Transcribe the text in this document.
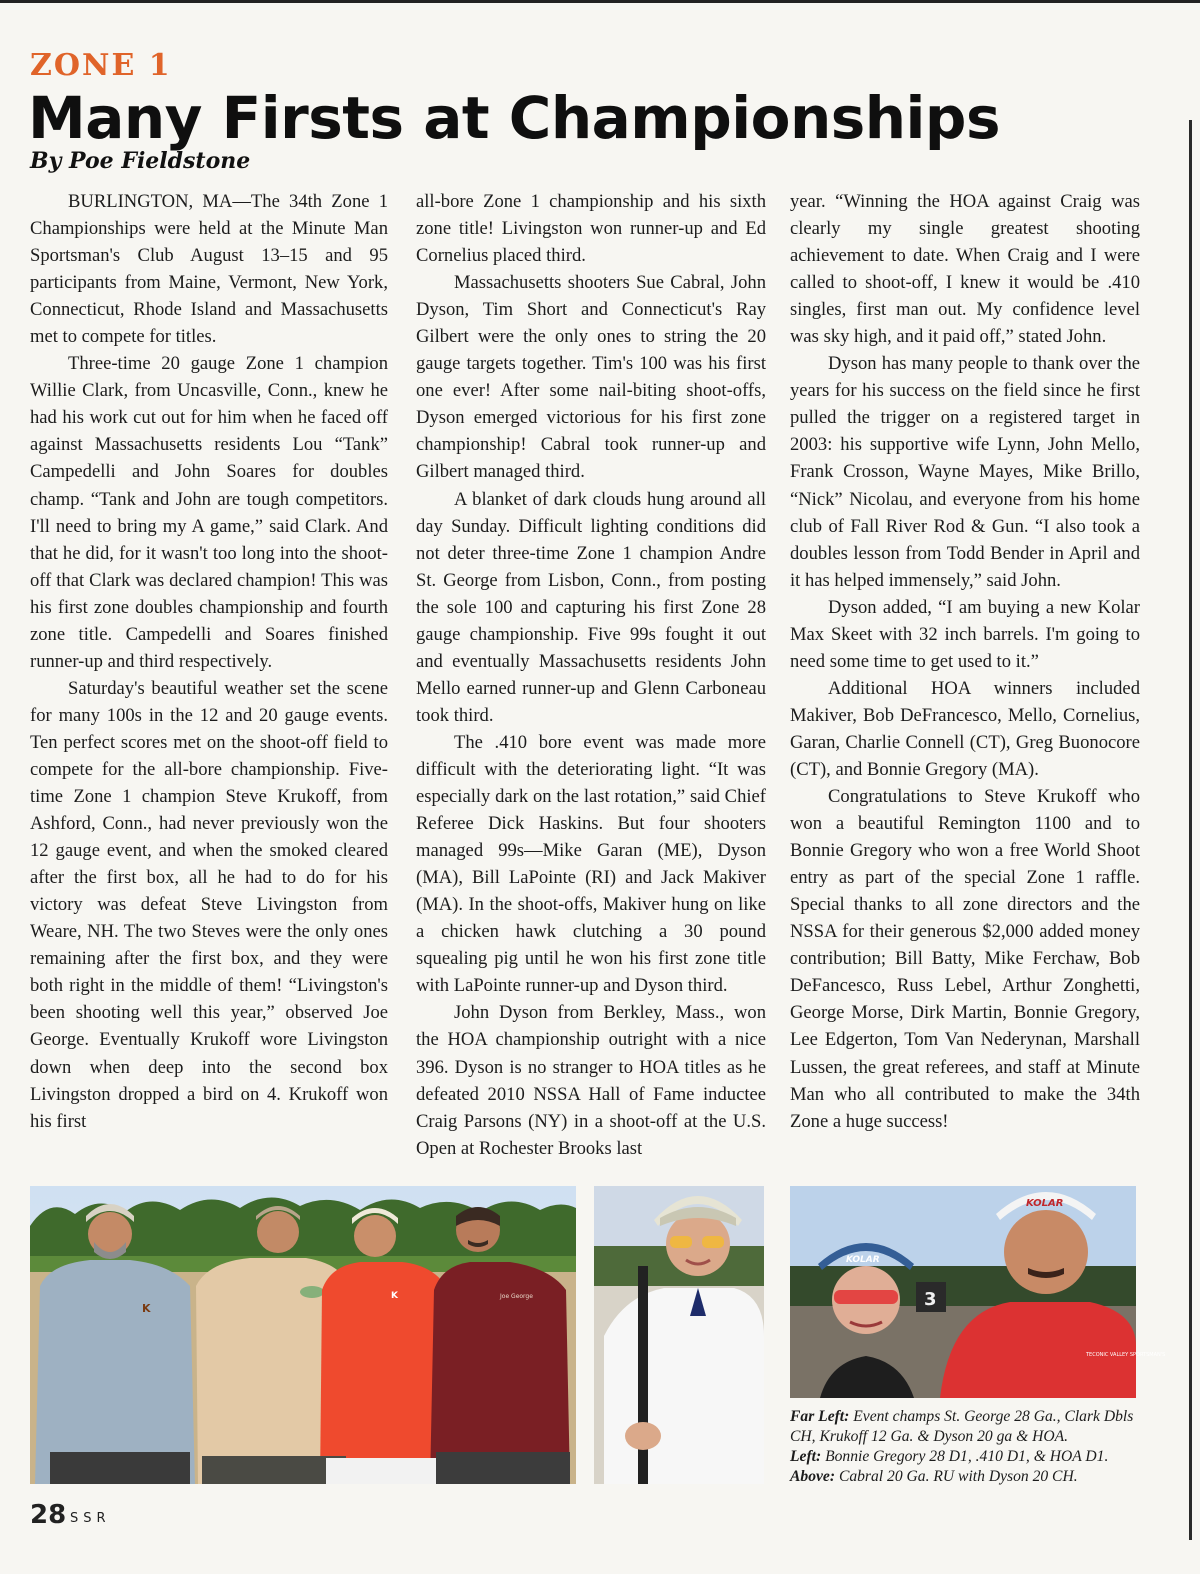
ZONE 1
Many Firsts at Championships
By Poe Fieldstone

BURLINGTON, MA—The 34th Zone 1 Championships were held at the Minute Man Sportsman's Club August 13–15 and 95 participants from Maine, Vermont, New York, Connecticut, Rhode Island and Massachusetts met to compete for titles.

Three-time 20 gauge Zone 1 champion Willie Clark, from Uncasville, Conn., knew he had his work cut out for him when he faced off against Massachusetts residents Lou “Tank” Campedelli and John Soares for doubles champ. “Tank and John are tough competitors. I'll need to bring my A game,” said Clark. And that he did, for it wasn't too long into the shoot-off that Clark was declared champion! This was his first zone doubles championship and fourth zone title. Campedelli and Soares finished runner-up and third respectively.

Saturday's beautiful weather set the scene for many 100s in the 12 and 20 gauge events. Ten perfect scores met on the shoot-off field to compete for the all-bore championship. Five-time Zone 1 champion Steve Krukoff, from Ashford, Conn., had never previously won the 12 gauge event, and when the smoked cleared after the first box, all he had to do for his victory was defeat Steve Livingston from Weare, NH. The two Steves were the only ones remaining after the first box, and they were both right in the middle of them! “Livingston's been shooting well this year,” observed Joe George. Eventually Krukoff wore Livingston down when deep into the second box Livingston dropped a bird on 4. Krukoff won his first

all-bore Zone 1 championship and his sixth zone title! Livingston won runner-up and Ed Cornelius placed third.

Massachusetts shooters Sue Cabral, John Dyson, Tim Short and Connecticut's Ray Gilbert were the only ones to string the 20 gauge targets together. Tim's 100 was his first one ever! After some nail-biting shoot-offs, Dyson emerged victorious for his first zone championship! Cabral took runner-up and Gilbert managed third.

A blanket of dark clouds hung around all day Sunday. Difficult lighting conditions did not deter three-time Zone 1 champion Andre St. George from Lisbon, Conn., from posting the sole 100 and capturing his first Zone 28 gauge championship. Five 99s fought it out and eventually Massachusetts residents John Mello earned runner-up and Glenn Carboneau took third.

The .410 bore event was made more difficult with the deteriorating light. “It was especially dark on the last rotation,” said Chief Referee Dick Haskins. But four shooters managed 99s—Mike Garan (ME), Dyson (MA), Bill LaPointe (RI) and Jack Makiver (MA). In the shoot-offs, Makiver hung on like a chicken hawk clutching a 30 pound squealing pig until he won his first zone title with LaPointe runner-up and Dyson third.

John Dyson from Berkley, Mass., won the HOA championship outright with a nice 396. Dyson is no stranger to HOA titles as he defeated 2010 NSSA Hall of Fame inductee Craig Parsons (NY) in a shoot-off at the U.S. Open at Rochester Brooks last

year. “Winning the HOA against Craig was clearly my single greatest shooting achievement to date. When Craig and I were called to shoot-off, I knew it would be .410 singles, first man out. My confidence level was sky high, and it paid off,” stated John.

Dyson has many people to thank over the years for his success on the field since he first pulled the trigger on a registered target in 2003: his supportive wife Lynn, John Mello, Frank Crosson, Wayne Mayes, Mike Brillo, “Nick” Nicolau, and everyone from his home club of Fall River Rod & Gun. “I also took a doubles lesson from Todd Bender in April and it has helped immensely,” said John.

Dyson added, “I am buying a new Kolar Max Skeet with 32 inch barrels. I'm going to need some time to get used to it.”

Additional HOA winners included Makiver, Bob DeFrancesco, Mello, Cornelius, Garan, Charlie Connell (CT), Greg Buonocore (CT), and Bonnie Gregory (MA).

Congratulations to Steve Krukoff who won a beautiful Remington 1100 and to Bonnie Gregory who won a free World Shoot entry as part of the special Zone 1 raffle. Special thanks to all zone directors and the NSSA for their generous $2,000 added money contribution; Bill Batty, Mike Ferchaw, Bob DeFancesco, Russ Lebel, Arthur Zonghetti, George Morse, Dirk Martin, Bonnie Gregory, Lee Edgerton, Tom Van Nederynan, Marshall Lussen, the great referees, and staff at Minute Man who all contributed to make the 34th Zone a huge success!

K
K	Joe George	3
KOLAR
KOLAR
TECONIC VALLEY SPORTSMAN'S
Far Left: Event champs St. George 28 Ga., Clark Dbls CH, Krukoff 12 Ga. & Dyson 20 ga & HOA.
Left: Bonnie Gregory 28 D1, .410 D1, & HOA D1.
Above: Cabral 20 Ga. RU with Dyson 20 CH.
28 SSR
